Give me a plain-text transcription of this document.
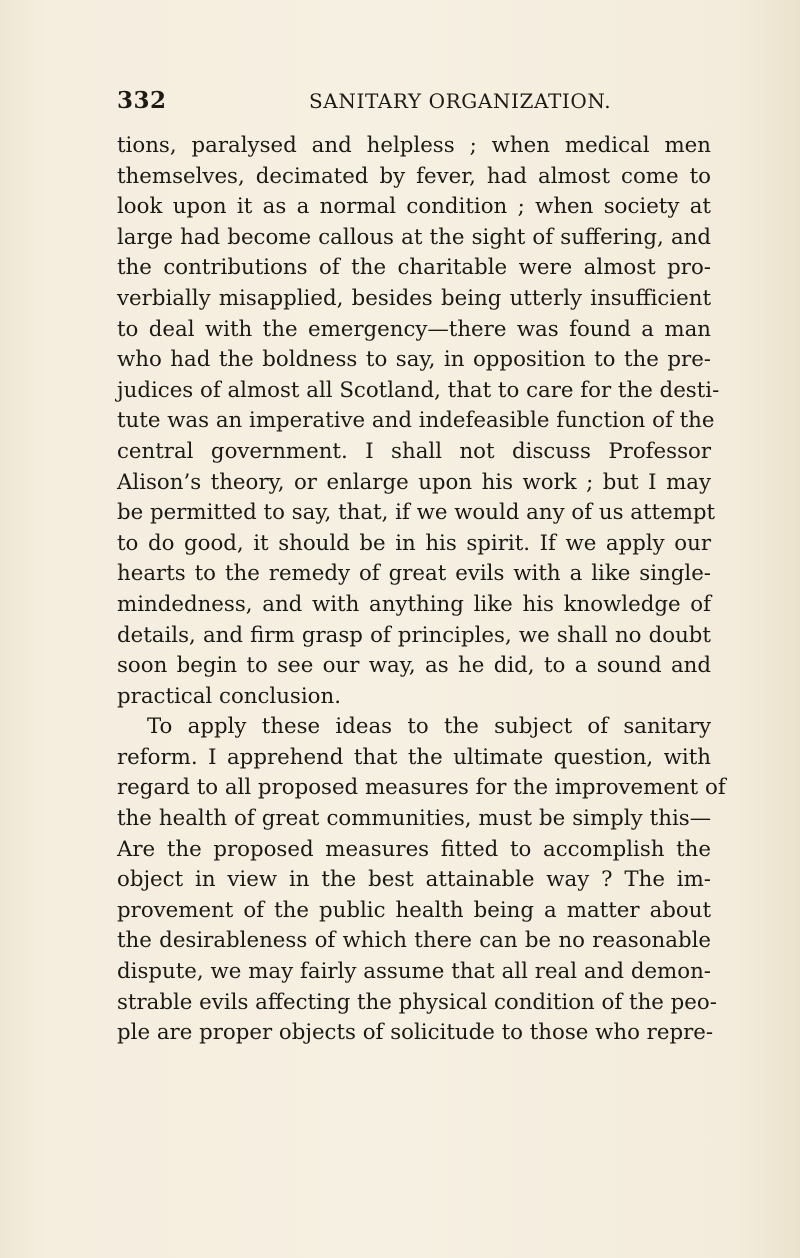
332	SANITARY ORGANIZATION.
tions, paralysed and helpless ; when medical men
themselves, decimated by fever, had almost come to
look upon it as a normal condition ; when society at
large had become callous at the sight of suffering, and
the contributions of the charitable were almost pro-
verbially misapplied, besides being utterly insufficient
to deal with the emergency—there was found a man
who had the boldness to say, in opposition to the pre-
judices of almost all Scotland, that to care for the desti-
tute was an imperative and indefeasible function of the
central government. I shall not discuss Professor
Alison’s theory, or enlarge upon his work ; but I may
be permitted to say, that, if we would any of us attempt
to do good, it should be in his spirit. If we apply our
hearts to the remedy of great evils with a like single-
mindedness, and with anything like his knowledge of
details, and firm grasp of principles, we shall no doubt
soon begin to see our way, as he did, to a sound and
practical conclusion.
To apply these ideas to the subject of sanitary
reform. I apprehend that the ultimate question, with
regard to all proposed measures for the improvement of
the health of great communities, must be simply this—
Are the proposed measures fitted to accomplish the
object in view in the best attainable way ? The im-
provement of the public health being a matter about
the desirableness of which there can be no reasonable
dispute, we may fairly assume that all real and demon-
strable evils affecting the physical condition of the peo-
ple are proper objects of solicitude to those who repre-
